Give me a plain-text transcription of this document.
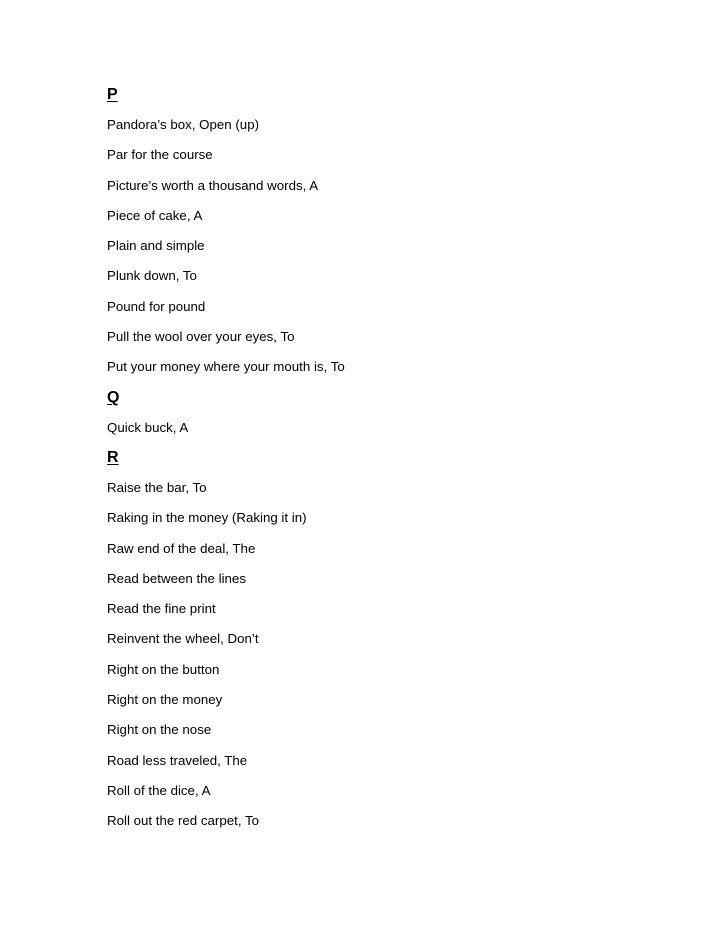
P
Pandora’s box, Open (up)
Par for the course
Picture’s worth a thousand words, A
Piece of cake, A
Plain and simple
Plunk down, To
Pound for pound
Pull the wool over your eyes, To
Put your money where your mouth is, To
Q
Quick buck, A
R
Raise the bar, To
Raking in the money (Raking it in)
Raw end of the deal, The
Read between the lines
Read the fine print
Reinvent the wheel, Don’t
Right on the button
Right on the money
Right on the nose
Road less traveled, The
Roll of the dice, A
Roll out the red carpet, To
